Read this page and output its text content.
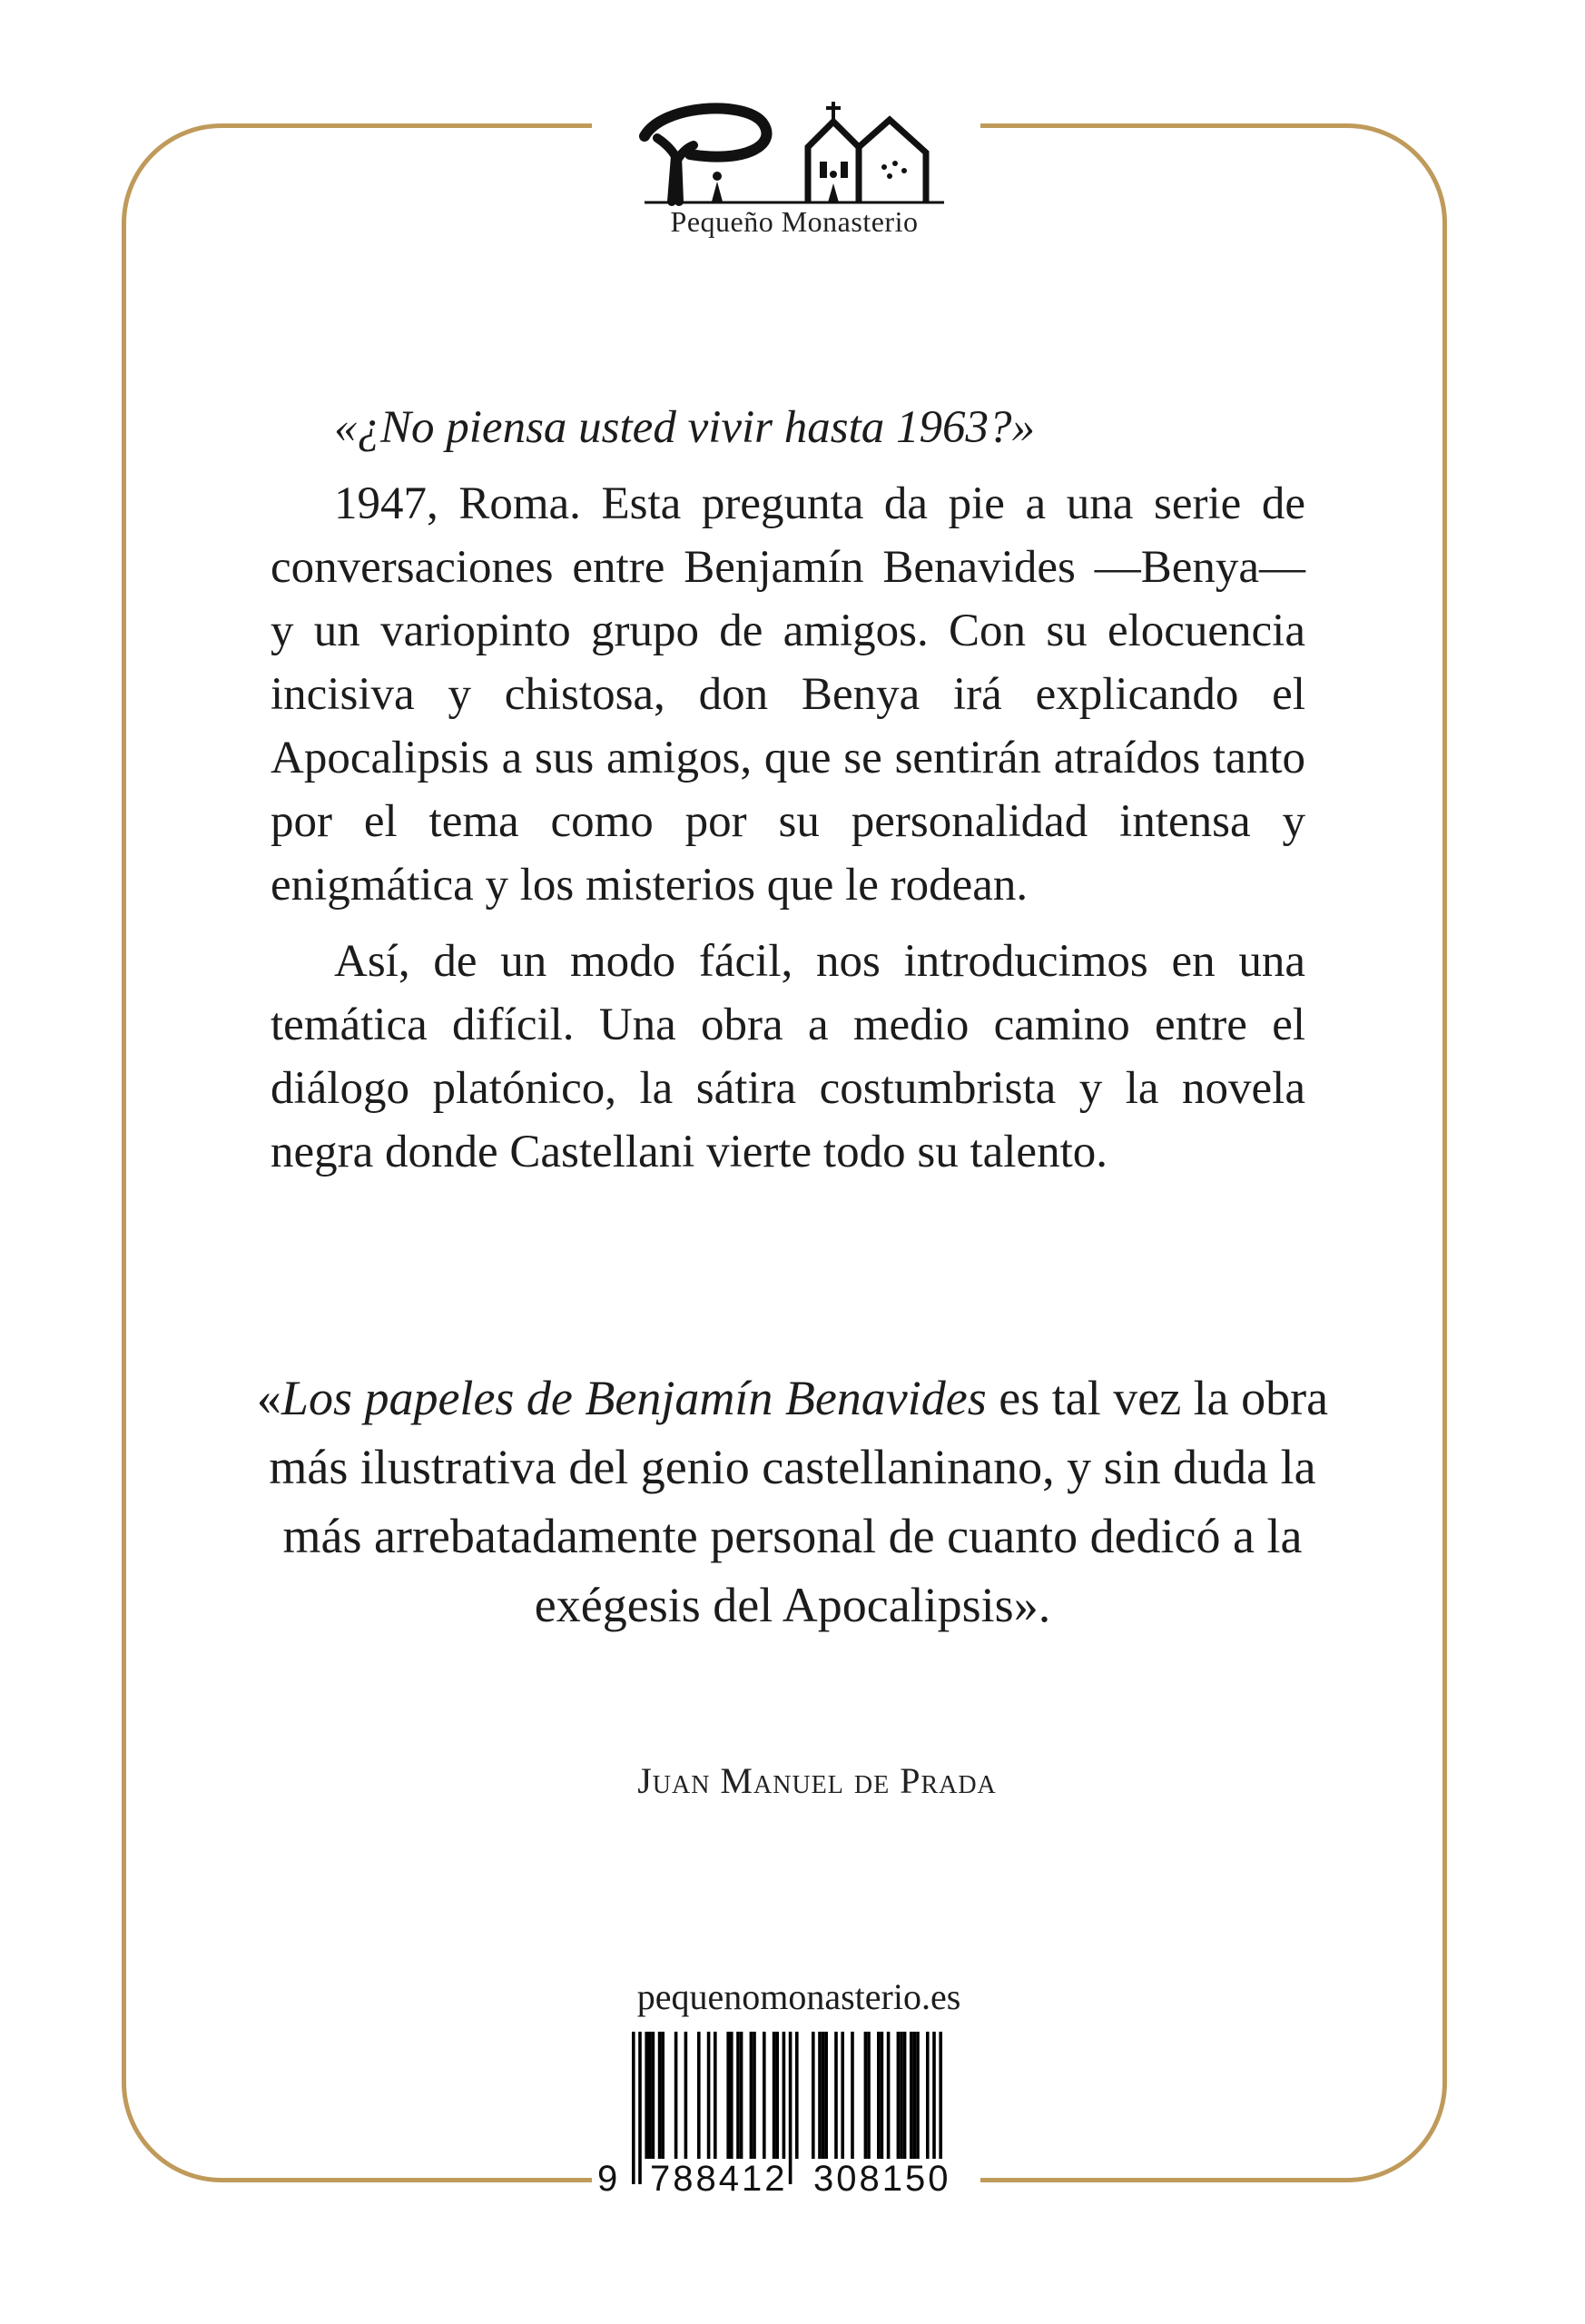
Pequeño Monasterio

«¿No piensa usted vivir hasta 1963?»

1947, Roma. Esta pregunta da pie a una serie de conversaciones entre Benjamín Benavides —Benya— y un variopinto grupo de amigos. Con su elocuencia incisiva y chistosa, don Benya irá explicando el Apocalipsis a sus amigos, que se sentirán atraídos tanto por el tema como por su personalidad intensa y enigmática y los misterios que le rodean.

Así, de un modo fácil, nos introducimos en una temática difícil. Una obra a medio camino entre el diálogo platónico, la sátira costumbrista y la novela negra donde Castellani vierte todo su talento.

«Los papeles de Benjamín Benavides es tal vez la obra más ilustrativa del genio castellaninano, y sin duda la más arrebatadamente personal de cuanto dedicó a la exégesis del Apocalipsis».
Juan Manuel de Prada
pequenomonasterio.es
9 788412 308150
